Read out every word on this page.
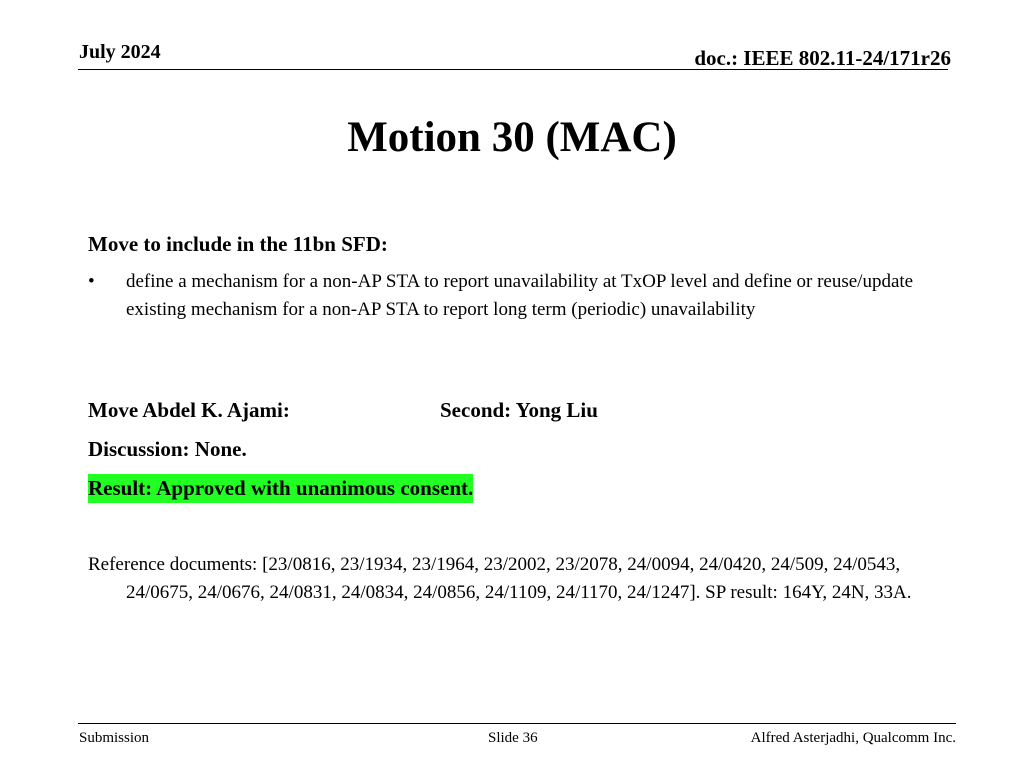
July 2024	doc.: IEEE 802.11-24/171r26
Motion 30 (MAC)
Move to include in the 11bn SFD:
• define a mechanism for a non-AP STA to report unavailability at TxOP level and define or reuse/update existing mechanism for a non-AP STA to report long term (periodic) unavailability
Move Abdel K. Ajami:	Second: Yong Liu
Discussion: None.
Result: Approved with unanimous consent.
Reference documents: [23/0816, 23/1934, 23/1964, 23/2002, 23/2078, 24/0094, 24/0420, 24/509, 24/0543, 24/0675, 24/0676, 24/0831, 24/0834, 24/0856, 24/1109, 24/1170, 24/1247]. SP result: 164Y, 24N, 33A.
Submission	Slide 36	Alfred Asterjadhi, Qualcomm Inc.
